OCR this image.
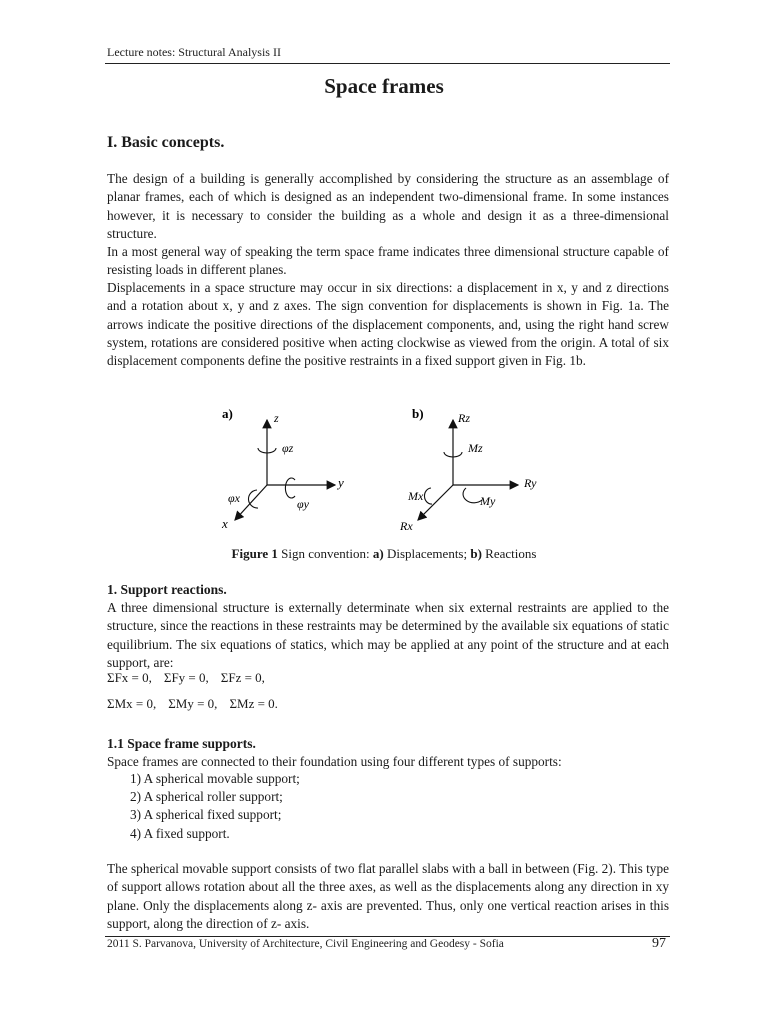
Lecture notes: Structural Analysis II
Space frames
I. Basic concepts.
The design of a building is generally accomplished by considering the structure as an assemblage of planar frames, each of which is designed as an independent two-dimensional frame. In some instances however, it is necessary to consider the building as a whole and design it as a three-dimensional structure.
In a most general way of speaking the term space frame indicates three dimensional structure capable of resisting loads in different planes.
Displacements in a space structure may occur in six directions: a displacement in x, y and z directions and a rotation about x, y and z axes. The sign convention for displacements is shown in Fig. 1a. The arrows indicate the positive directions of the displacement components, and, using the right hand screw system, rotations are considered positive when acting clockwise as viewed from the origin. A total of six displacement components define the positive restraints in a fixed support given in Fig. 1b.
a)	z
φz
y
φx	φy
x
b)	Rz
Mz
Ry
Mx	My
Rx
Figure 1 Sign convention: a) Displacements; b) Reactions
1. Support reactions.
A three dimensional structure is externally determinate when six external restraints are applied to the structure, since the reactions in these restraints may be determined by the available six equations of static equilibrium. The six equations of statics, which may be applied at any point of the structure and at each support, are:
ΣFx = 0, ΣFy = 0, ΣFz = 0,
ΣMx = 0, ΣMy = 0, ΣMz = 0.
1.1 Space frame supports.
Space frames are connected to their foundation using four different types of supports:
1) A spherical movable support;
2) A spherical roller support;
3) A spherical fixed support;
4) A fixed support.
The spherical movable support consists of two flat parallel slabs with a ball in between (Fig. 2). This type of support allows rotation about all the three axes, as well as the displacements along any direction in xy plane. Only the displacements along z- axis are prevented. Thus, only one vertical reaction arises in this support, along the direction of z- axis.
2011 S. Parvanova, University of Architecture, Civil Engineering and Geodesy - Sofia	97
